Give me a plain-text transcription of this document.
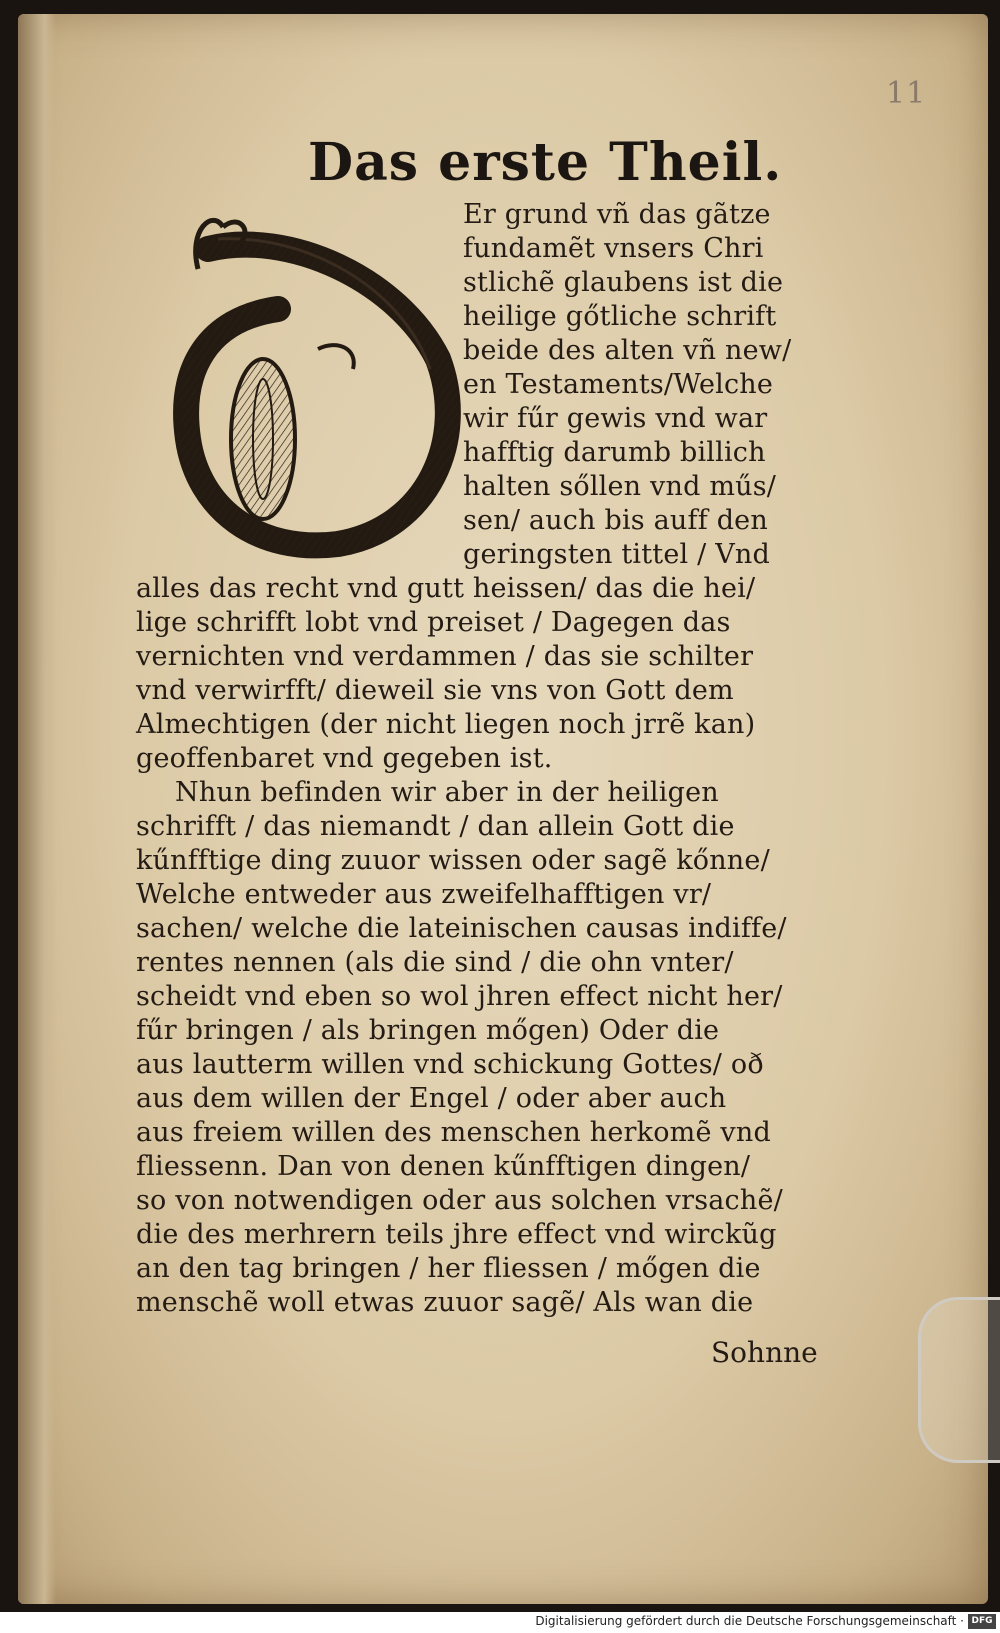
11
Das erste Theil.
Sohnne
Er grund vñ das gãtze
fundamẽt vnsers Chri
stlichẽ glaubens ist die
heilige gőtliche schrift
beide des alten vñ new/
en Testaments/Welche
wir fűr gewis vnd war
hafftig darumb billich
halten sőllen vnd műs/
sen/ auch bis auff den
geringsten tittel / Vnd
alles das recht vnd gutt heissen/ das die hei/
lige schrifft lobt vnd preiset / Dagegen das
vernichten vnd verdammen / das sie schilter
vnd verwirfft/ dieweil sie vns von Gott dem
Almechtigen (der nicht liegen noch jrrẽ kan)
geoffenbaret vnd gegeben ist.
Nhun befinden wir aber in der heiligen
schrifft / das niemandt / dan allein Gott die
kűnfftige ding zuuor wissen oder sagẽ kőnne/
Welche entweder aus zweifelhafftigen vr/
sachen/ welche die lateinischen causas indiffe/
rentes nennen (als die sind / die ohn vnter/
scheidt vnd eben so wol jhren effect nicht her/
fűr bringen / als bringen mőgen) Oder die
aus lautterm willen vnd schickung Gottes/ oð
aus dem willen der Engel / oder aber auch
aus freiem willen des menschen herkomẽ vnd
fliessenn. Dan von denen kűnfftigen dingen/
so von notwendigen oder aus solchen vrsachẽ/
die des merhrern teils jhre effect vnd wirckũg
an den tag bringen / her fliessen / mőgen die
menschẽ woll etwas zuuor sagẽ/ Als wan die
Digitalisierung gefördert durch die Deutsche Forschungsgemeinschaft · DFG
